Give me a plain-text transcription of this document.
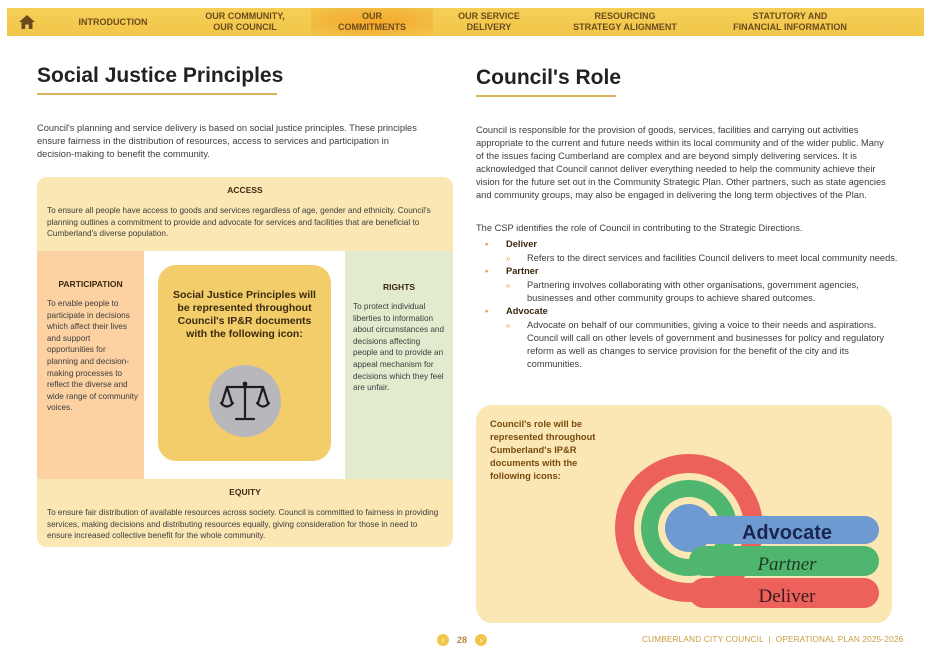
INTRODUCTION
OUR COMMUNITY,
OUR COUNCIL
OUR
COMMITMENTS
OUR SERVICE
DELIVERY
RESOURCING
STRATEGY ALIGNMENT
STATUTORY AND
FINANCIAL INFORMATION
Social Justice Principles

Council's planning and service delivery is based on social justice principles. These principles ensure fairness in the distribution of resources, access to services and participation in decision-making to benefit the community.

ACCESS
To ensure all people have access to goods and services regardless of age, gender and ethnicity. Council's planning outlines a commitment to provide and advocate for services and facilities that are beneficial to Cumberland's diverse population.
PARTICIPATION
To enable people to participate in decisions which affect their lives and support opportunities for planning and decision-making processes to reflect the diverse and wide range of community voices.
Social Justice Principles will be represented throughout Council's IP&R documents with the following icon:
RIGHTS
To protect individual liberties to information about circumstances and decisions affecting people and to provide an appeal mechanism for decisions which they feel are unfair.
EQUITY
To ensure fair distribution of available resources across society. Council is committed to fairness in providing services, making decisions and distributing resources equally, giving consideration for those in need to ensure increased collective benefit for the whole community.
Council's Role

Council is responsible for the provision of goods, services, facilities and carrying out activities appropriate to the current and future needs within its local community and of the wider public. Many of the issues facing Cumberland are complex and are beyond simply delivering services. It is acknowledged that Council cannot deliver everything needed to help the community achieve their vision for the future set out in the Community Strategic Plan. Other partners, such as state agencies and community groups, may also be engaged in delivering the long term objectives of the Plan.

The CSP identifies the role of Council in contributing to the Strategic Directions.

• Deliver
» Refers to the direct services and facilities Council delivers to meet local community needs.
• Partner
» Partnering involves collaborating with other organisations, government agencies, businesses and other community groups to achieve shared outcomes.
• Advocate
» Advocate on behalf of our communities, giving a voice to their needs and aspirations. Council will call on other levels of government and businesses for policy and regulatory reform as well as changes to service provision for the benefit of the city and its communities.
Council's role will be represented throughout Cumberland's IP&R documents with the following icons:
Advocate
Partner
Deliver
‹ 28 ›	CUMBERLAND CITY COUNCIL  |  OPERATIONAL PLAN 2025-2026
